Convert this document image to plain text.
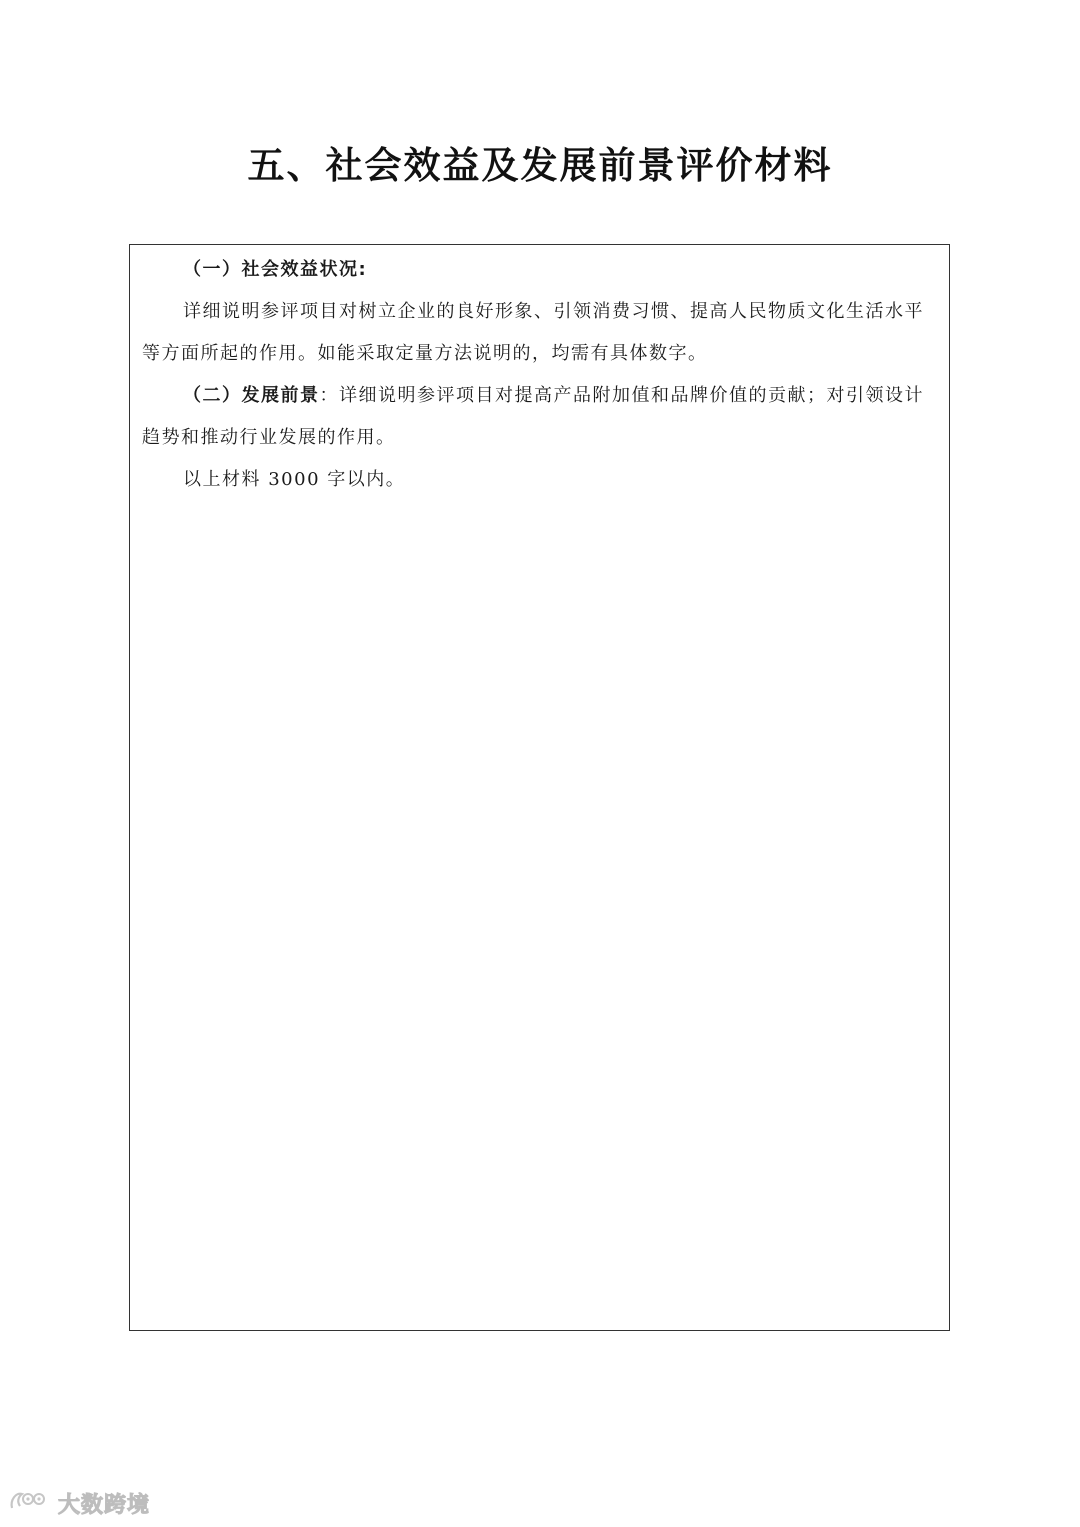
五、社会效益及发展前景评价材料

（一）社会效益状况:

详细说明参评项目对树立企业的良好形象、引领消费习惯、提高人民物质文化生活水平等方面所起的作用。如能采取定量方法说明的，均需有具体数字。

（二）发展前景：详细说明参评项目对提高产品附加值和品牌价值的贡献；对引领设计趋势和推动行业发展的作用。

以上材料 3000 字以内。

大数跨境
